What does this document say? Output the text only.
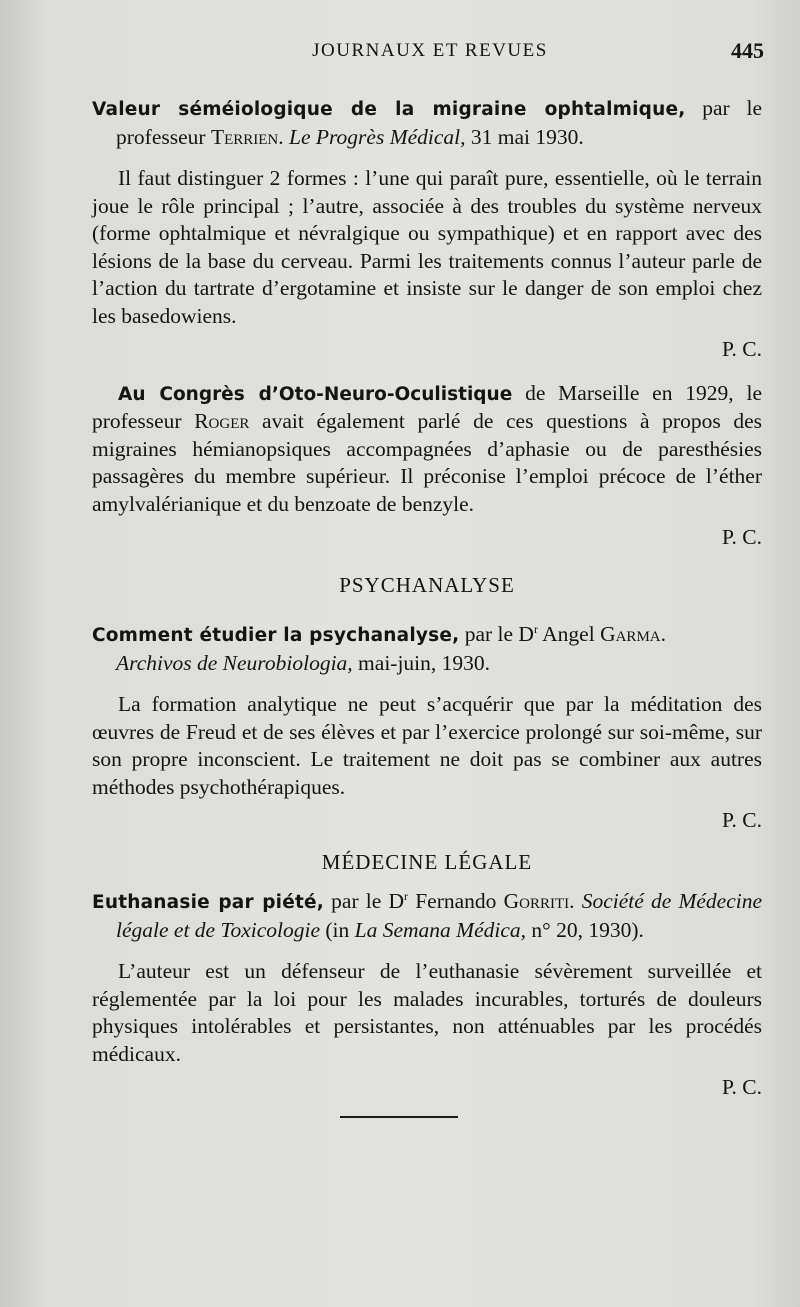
JOURNAUX ET REVUES	445

Valeur séméiologique de la migraine ophtalmique, par le professeur Terrien. Le Progrès Médical, 31 mai 1930.

Il faut distinguer 2 formes : l’une qui paraît pure, essentielle, où le terrain joue le rôle principal ; l’autre, associée à des troubles du système nerveux (forme ophtalmique et névralgique ou sympathique) et en rapport avec des lésions de la base du cerveau. Parmi les traitements connus l’auteur parle de l’action du tartrate d’ergotamine et insiste sur le danger de son emploi chez les basedowiens.

P. C.

Au Congrès d’Oto-Neuro-Oculistique de Marseille en 1929, le professeur Roger avait également parlé de ces questions à propos des migraines hémianopsiques accompagnées d’aphasie ou de paresthésies passagères du membre supérieur. Il préconise l’emploi précoce de l’éther amylvalérianique et du benzoate de benzyle.

P. C.

PSYCHANALYSE

Comment étudier la psychanalyse, par le $D^r$ Angel Garma.
Archivos de Neurobiologia, mai-juin, 1930.

La formation analytique ne peut s’acquérir que par la méditation des œuvres de Freud et de ses élèves et par l’exercice prolongé sur soi-même, sur son propre inconscient. Le traitement ne doit pas se combiner aux autres méthodes psychothérapiques.

P. C.

MÉDECINE LÉGALE

Euthanasie par piété, par le $D^r$ Fernando Gorriti. Société de Médecine légale et de Toxicologie (in La Semana Médica, n° 20, 1930).

L’auteur est un défenseur de l’euthanasie sévèrement surveillée et réglementée par la loi pour les malades incurables, torturés de douleurs physiques intolérables et persistantes, non atténuables par les procédés médicaux.

P. C.
